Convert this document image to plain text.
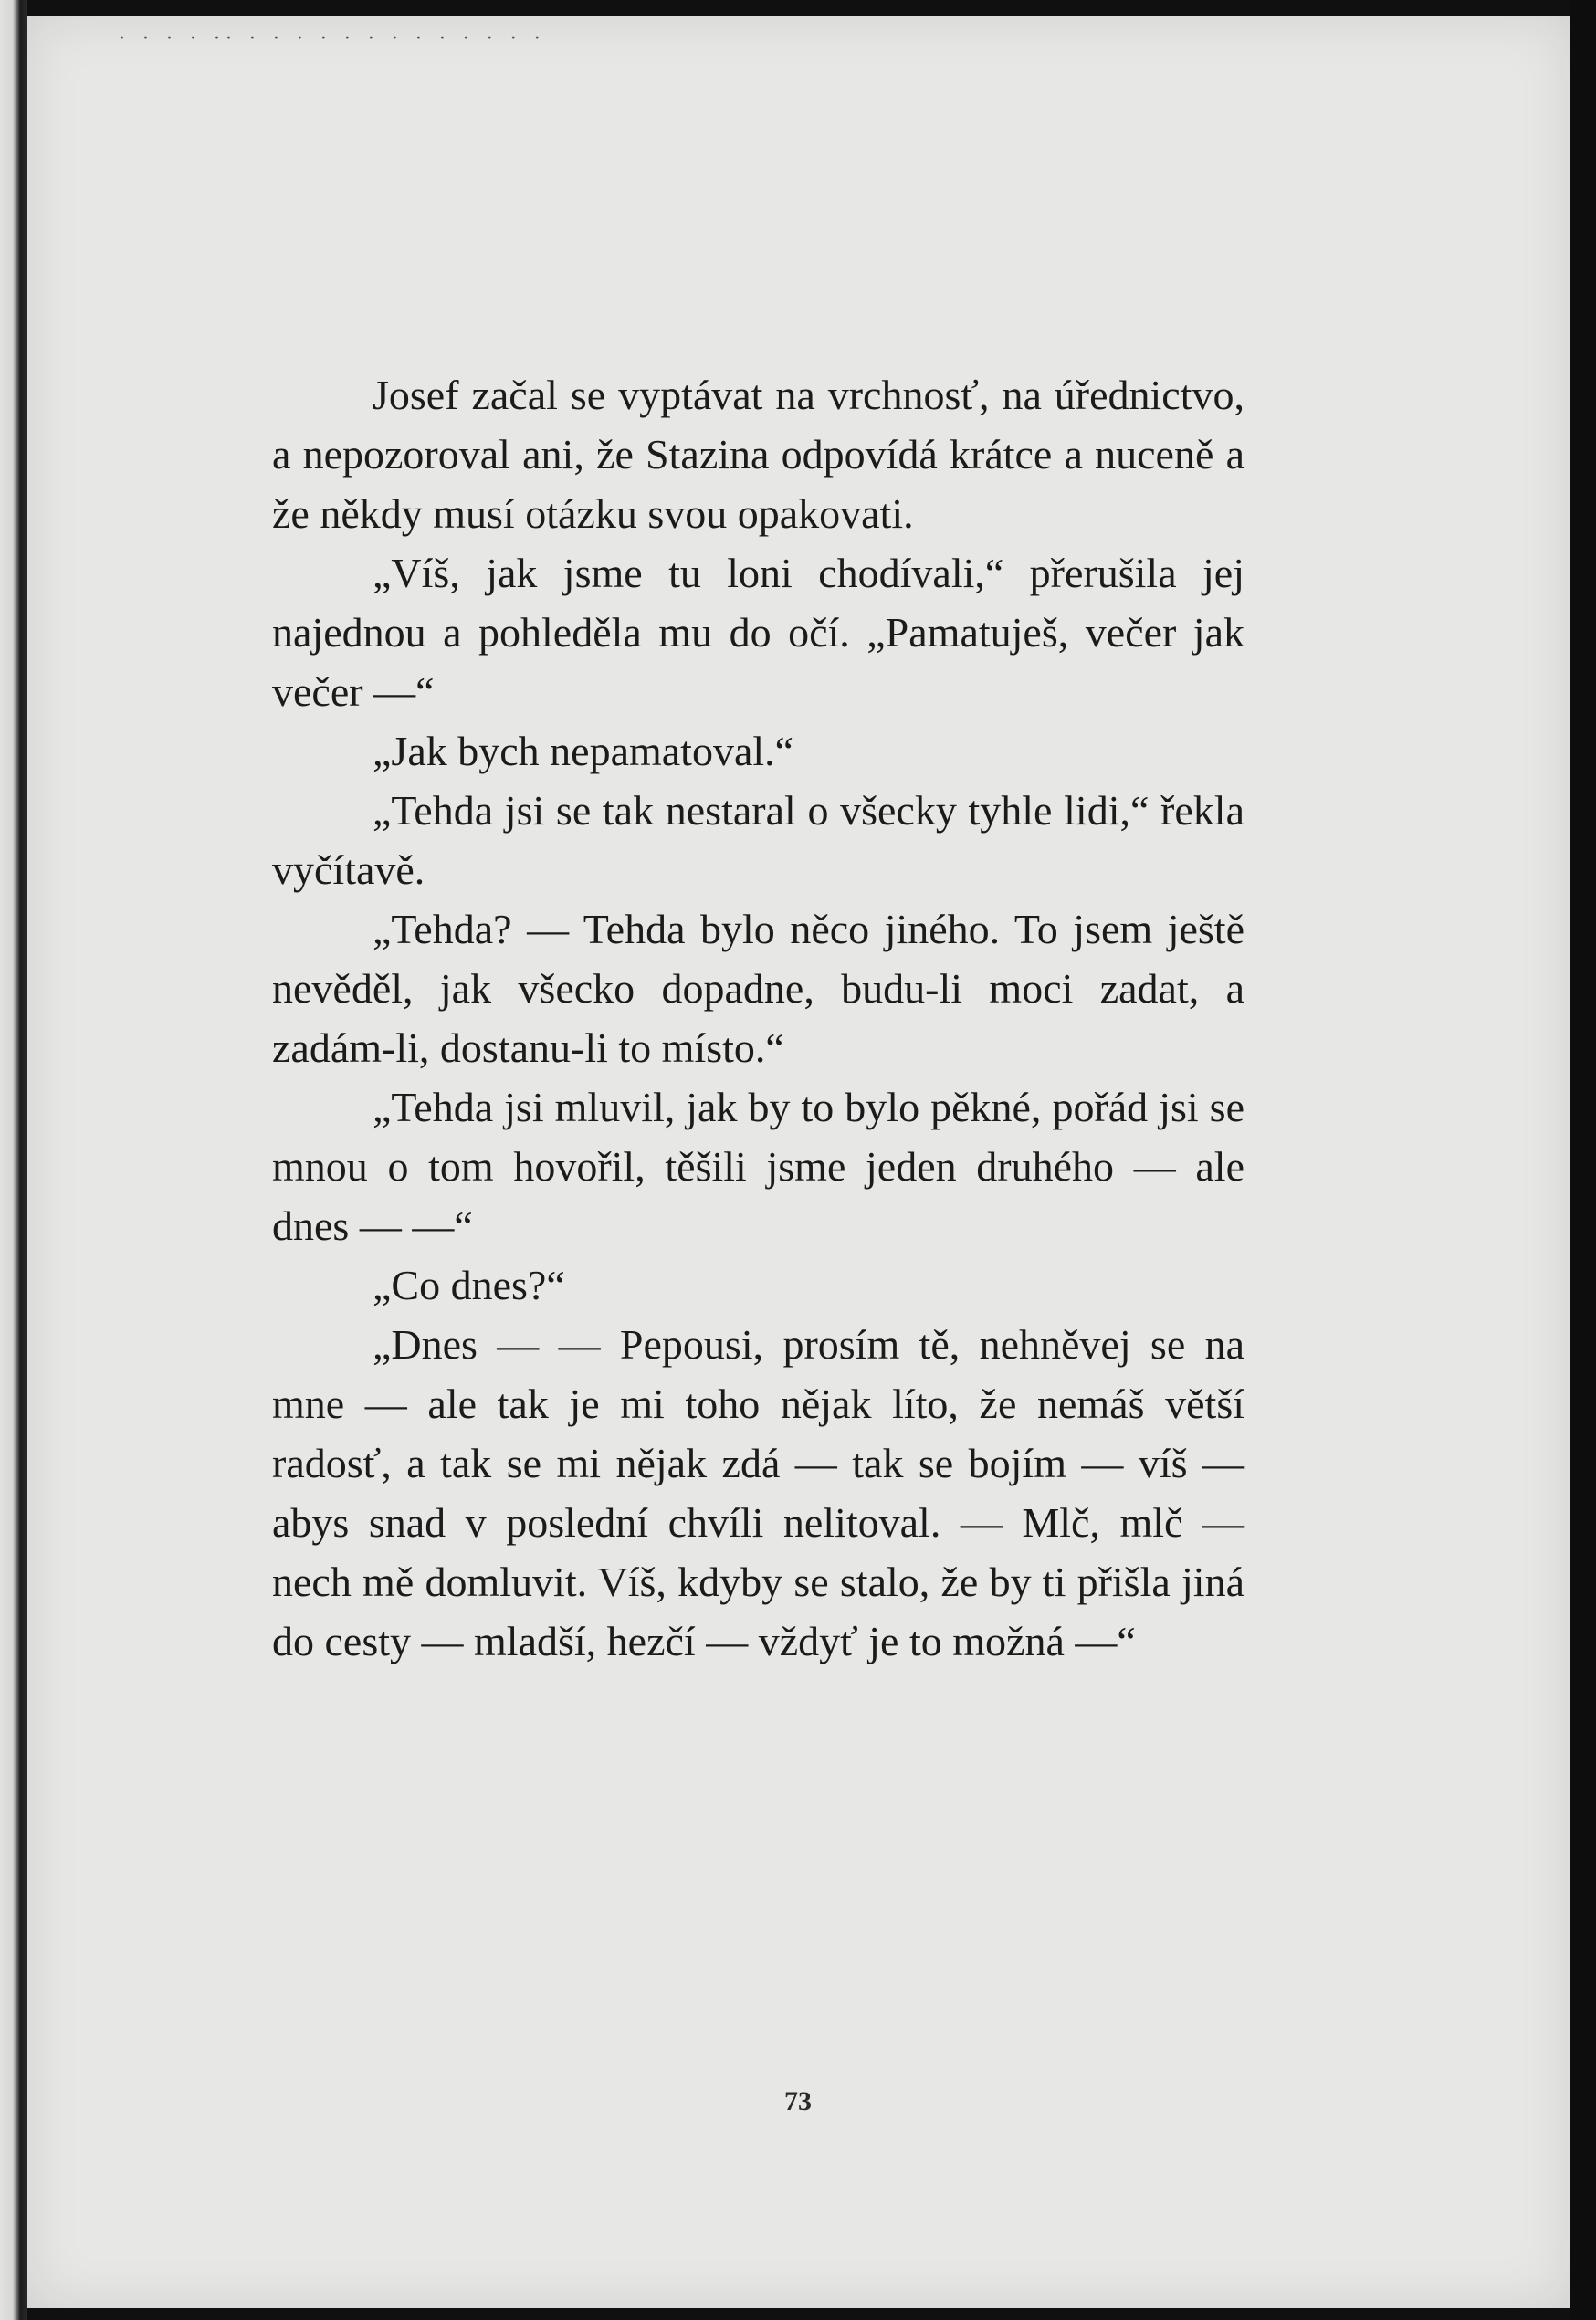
· · · · ·· · · · · · · · · · · · · ·

Josef začal se vyptávat na vrchnosť, na úřednictvo, a nepozoroval ani, že Stazina odpovídá krátce a nuceně a že někdy musí otázku svou opakovati.

„Víš, jak jsme tu loni chodívali,“ přerušila jej najednou a pohleděla mu do očí. „Pamatuješ, večer jak večer —“

„Jak bych nepamatoval.“

„Tehda jsi se tak nestaral o všecky tyhle lidi,“ řekla vyčítavě.

„Tehda? — Tehda bylo něco jiného. To jsem ještě nevěděl, jak všecko dopadne, budu-li moci zadat, a zadám-li, dostanu-li to místo.“

„Tehda jsi mluvil, jak by to bylo pěkné, pořád jsi se mnou o tom hovořil, těšili jsme jeden druhého — ale dnes — —“

„Co dnes?“

„Dnes — — Pepousi, prosím tě, nehněvej se na mne — ale tak je mi toho nějak líto, že nemáš větší radosť, a tak se mi nějak zdá — tak se bojím — víš — abys snad v poslední chvíli nelitoval. — Mlč, mlč — nech mě domluvit. Víš, kdyby se stalo, že by ti přišla jiná do cesty — mladší, hezčí — vždyť je to možná —“

73
